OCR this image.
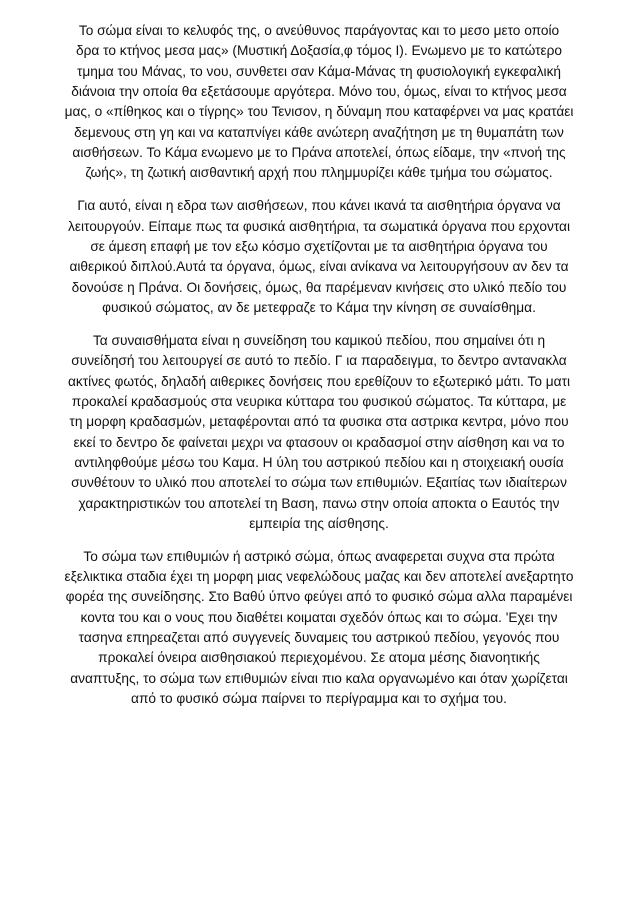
Το σώμα είναι το κελυφός της, ο ανεύθυνος παράγοντας και το μεσο μετο οποίο
δρα το κτήνος μεσα μας» (Μυστική Δοξασία,φ τόμος Ι). Ενωμενο με το κατώτερο
τμημα του Μάνας, το νου, συνθετει σαν Κάμα-Μάνας τη φυσιολογική εγκεφαλική
διάνοια την οποία θα εξετάσουμε αργότερα. Μόνο του, όμως, είναι το κτήνος μεσα
μας, ο «πίθηκος και ο τίγρης» του Τενισον, η δύναμη που καταφέρνει να μας κρατάει
δεμενους στη γη και να καταπνίγει κάθε ανώτερη αναζήτηση με τη θυμαπάτη των
αισθήσεων. Το Κάμα ενωμενο με το Πράνα αποτελεί, όπως είδαμε, την «πνοή της
ζωής», τη ζωτική αισθαντική αρχή που πλημμυρίζει κάθε τμήμα του σώματος.

Για αυτό, είναι η εδρα των αισθήσεων, που κάνει ικανά τα αισθητήρια όργανα να
λειτουργούν. Είπαμε πως τα φυσικά αισθητήρια, τα σωματικά όργανα που ερχονται
σε άμεση επαφή με τον εξω κόσμο σχετίζονται με τα αισθητήρια όργανα του
αιθερικού διπλού.Αυτά τα όργανα, όμως, είναι ανίκανα να λειτουργήσουν αν δεν τα
δονούσε η Πράνα. Οι δονήσεις, όμως, θα παρέμεναν κινήσεις στο υλικό πεδίο του
φυσικού σώματος, αν δε μετεφραζε το Κάμα την κίνηση σε συναίσθημα.

Τα συναισθήματα είναι η συνείδηση του καμικού πεδίου, που σημαίνει ότι η
συνείδησή του λειτουργεί σε αυτό το πεδίο. Γ ια παραδειγμα, το δεντρο αντανακλα
ακτίνες φωτός, δηλαδή αιθερικες δονήσεις που ερεθίζουν το εξωτερικό μάτι. Το ματι
προκαλεί κραδασμούς στα νευρικα κύτταρα του φυσικού σώματος. Τα κύτταρα, με
τη μορφη κραδασμών, μεταφέρονται από τα φυσικα στα αστρικα κεντρα, μόνο που
εκεί το δεντρο δε φαίνεται μεχρι να φτασουν οι κραδασμοί στην αίσθηση και να το
αντιληφθούμε μέσω του Καμα. Η ύλη του αστρικού πεδίου και η στοιχειακή ουσία
συνθέτουν το υλικό που αποτελεί το σώμα των επιθυμιών. Εξαιτίας των ιδιαίτερων
χαρακτηριστικών του αποτελεί τη Βαση, πανω στην οποία αποκτα ο Εαυτός την
εμπειρία της αίσθησης.

Το σώμα των επιθυμιών ή αστρικό σώμα, όπως αναφερεται συχνα στα πρώτα
εξελικτικα σταδια έχει τη μορφη μιας νεφελώδους μαζας και δεν αποτελεί ανεξαρτητο
φορέα της συνείδησης. Στο Βαθύ ύπνο φεύγει από το φυσικό σώμα αλλα παραμένει
κοντα του και ο νους που διαθέτει κοιμαται σχεδόν όπως και το σώμα. 'Εχει την
τασηνα επηρεαζεται από συγγενείς δυναμεις του αστρικού πεδίου, γεγονός που
προκαλεί όνειρα αισθησιακού περιεχομένου. Σε ατομα μέσης διανοητικής
αναπτυξης, το σώμα των επιθυμιών είναι πιο καλα οργανωμένο και όταν χωρίζεται
από το φυσικό σώμα παίρνει το περίγραμμα και το σχήμα του.
